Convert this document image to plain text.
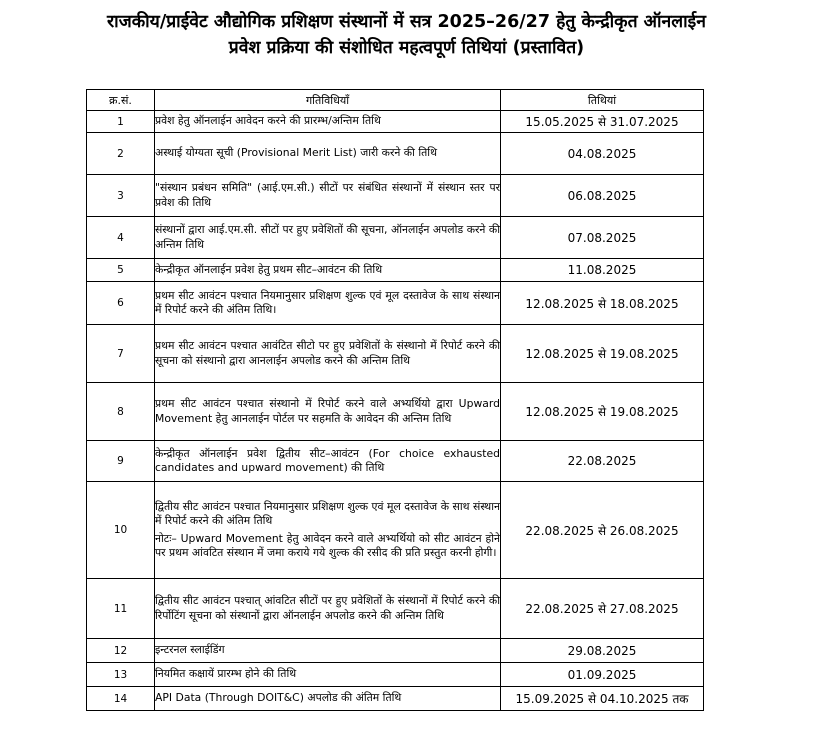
राजकीय/प्राईवेट औद्योगिक प्रशिक्षण संस्थानों में सत्र 2025–26/27 हेतु केन्द्रीकृत ऑनलाईन
प्रवेश प्रक्रिया की संशोधित महत्वपूर्ण तिथियां (प्रस्तावित)
क्र.सं.	गतिविधियाँ	तिथियां
1	प्रवेश हेतु ऑनलाईन आवेदन करने की प्रारम्भ/अन्तिम तिथि	15.05.2025 से 31.07.2025
2	अस्थाई योग्यता सूची (Provisional Merit List) जारी करने की तिथि	04.08.2025
3	"संस्थान प्रबंधन समिति" (आई.एम.सी.) सीटों पर संबंधित संस्थानों में संस्थान स्तर पर प्रवेश की तिथि	06.08.2025
4	संस्थानों द्वारा आई.एम.सी. सीटों पर हुए प्रवेशितों की सूचना, ऑनलाईन अपलोड करने की अन्तिम तिथि	07.08.2025
5	केन्द्रीकृत ऑनलाईन प्रवेश हेतु प्रथम सीट–आवंटन की तिथि	11.08.2025
6	प्रथम सीट आवंटन पश्चात नियमानुसार प्रशिक्षण शुल्क एवं मूल दस्तावेज के साथ संस्थान में रिपोर्ट करने की अंतिम तिथि।	12.08.2025 से 18.08.2025
7	प्रथम सीट आवंटन पश्चात आवंटित सीटो पर हुए प्रवेशितों के संस्थानो में रिपोर्ट करने की सूचना को संस्थानो द्वारा आनलाईन अपलोड करने की अन्तिम तिथि	12.08.2025 से 19.08.2025
8	प्रथम सीट आवंटन पश्चात संस्थानो में रिपोर्ट करने वाले अभ्यर्थियो द्वारा Upward Movement हेतु आनलाईन पोर्टल पर सहमति के आवेदन की अन्तिम तिथि	12.08.2025 से 19.08.2025
9	केन्द्रीकृत ऑनलाईन प्रवेश द्वितीय सीट–आवंटन (For choice exhausted candidates and upward movement) की तिथि	22.08.2025
10	द्वितीय सीट आवंटन पश्चात नियमानुसार प्रशिक्षण शुल्क एवं मूल दस्तावेज के साथ संस्थान में रिपोर्ट करने की अंतिम तिथि
नोटः– Upward Movement हेतु आवेदन करने वाले अभ्यर्थियो को सीट आवंटन होने पर प्रथम आंवटित संस्थान में जमा कराये गये शुल्क की रसीद की प्रति प्रस्तुत करनी होगी।	22.08.2025 से 26.08.2025
11	द्वितीय सीट आवंटन पश्चात् आंवटित सीटों पर हुए प्रवेशितों के संस्थानों में रिपोर्ट करने की रिर्पोटिंग सूचना को संस्थानों द्वारा ऑनलाईन अपलोड करने की अन्तिम तिथि	22.08.2025 से 27.08.2025
12	इन्टरनल स्लाईडिंग	29.08.2025
13	नियमित कक्षायें प्रारम्भ होने की तिथि	01.09.2025
14	API Data (Through DOIT&C) अपलोड की अंतिम तिथि	15.09.2025 से 04.10.2025 तक
